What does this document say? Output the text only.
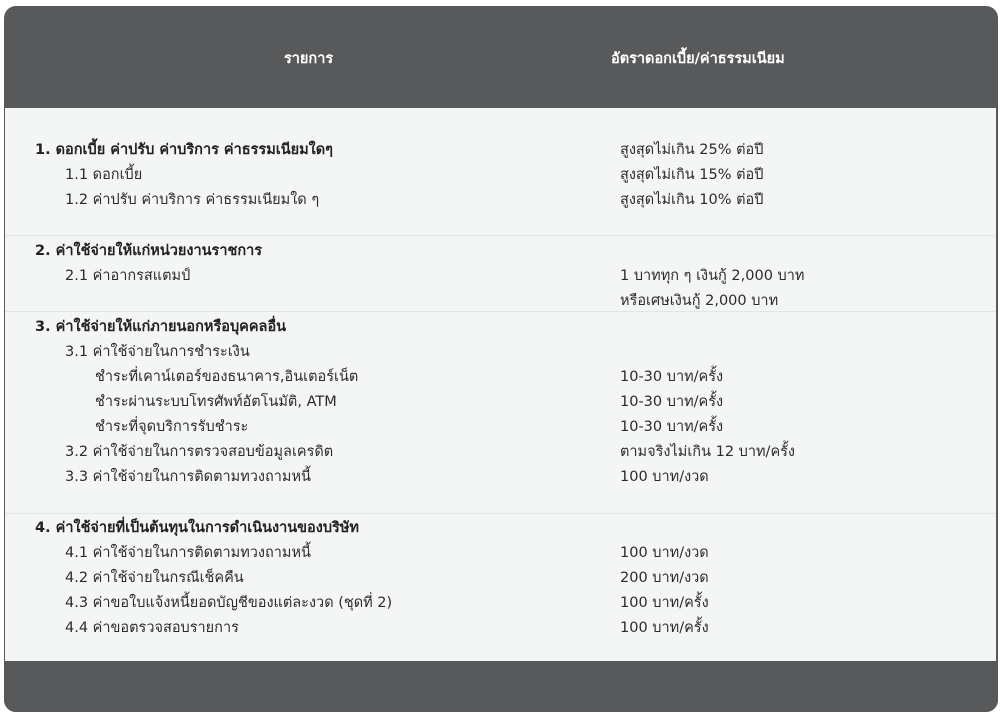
รายการ	อัตราดอกเบี้ย/ค่าธรรมเนียม
1. ดอกเบี้ย ค่าปรับ ค่าบริการ ค่าธรรมเนียมใดๆ	สูงสุดไม่เกิน 25% ต่อปี
1.1 ดอกเบี้ย	สูงสุดไม่เกิน 15% ต่อปี
1.2 ค่าปรับ ค่าบริการ ค่าธรรมเนียมใด ๆ	สูงสุดไม่เกิน 10% ต่อปี
2. ค่าใช้จ่ายให้แก่หน่วยงานราชการ
2.1 ค่าอากรสแตมป์	1 บาททุก ๆ เงินกู้ 2,000 บาท
หรือเศษเงินกู้ 2,000 บาท
3. ค่าใช้จ่ายให้แก่ภายนอกหรือบุคคลอื่น
3.1 ค่าใช้จ่ายในการชำระเงิน
ชำระที่เคาน์เตอร์ของธนาคาร,อินเตอร์เน็ต	10-30 บาท/ครั้ง
ชำระผ่านระบบโทรศัพท์อัตโนมัติ, ATM	10-30 บาท/ครั้ง
ชำระที่จุดบริการรับชำระ	10-30 บาท/ครั้ง
3.2 ค่าใช้จ่ายในการตรวจสอบข้อมูลเครดิต	ตามจริงไม่เกิน 12 บาท/ครั้ง
3.3 ค่าใช้จ่ายในการติดตามทวงถามหนี้	100 บาท/งวด
4. ค่าใช้จ่ายที่เป็นต้นทุนในการดำเนินงานของบริษัท
4.1 ค่าใช้จ่ายในการติดตามทวงถามหนี้	100 บาท/งวด
4.2 ค่าใช้จ่ายในกรณีเช็คคืน	200 บาท/งวด
4.3 ค่าขอใบแจ้งหนี้ยอดบัญชีของแต่ละงวด (ชุดที่ 2)	100 บาท/ครั้ง
4.4 ค่าขอตรวจสอบรายการ	100 บาท/ครั้ง
